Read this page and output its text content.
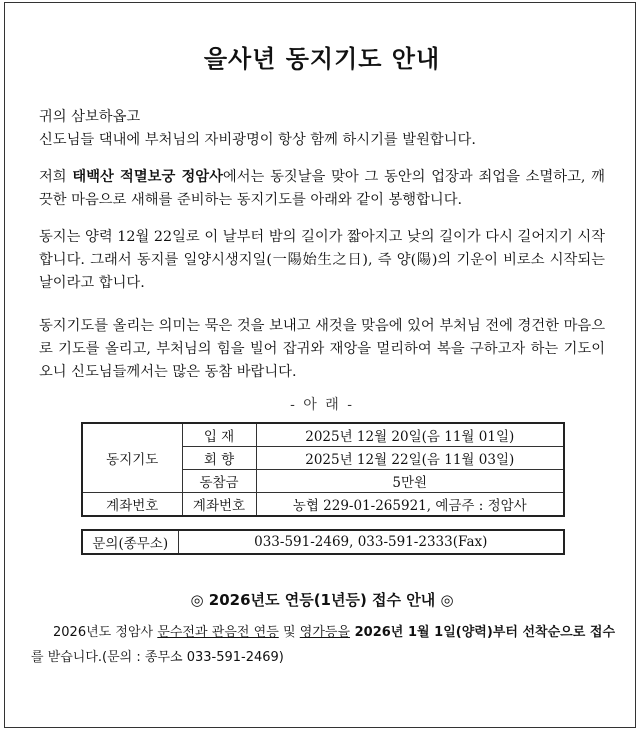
을사년 동지기도 안내

귀의 삼보하옵고
신도님들 댁내에 부처님의 자비광명이 항상 함께 하시기를 발원합니다.

저희 태백산 적멸보궁 정암사에서는 동짓날을 맞아 그 동안의 업장과 죄업을 소멸하고, 깨끗한 마음으로 새해를 준비하는 동지기도를 아래와 같이 봉행합니다.

동지는 양력 12월 22일로 이 날부터 밤의 길이가 짧아지고 낮의 길이가 다시 길어지기 시작합니다. 그래서 동지를 일양시생지일(一陽始生之日), 즉 양(陽)의 기운이 비로소 시작되는 날이라고 합니다.

동지기도를 올리는 의미는 묵은 것을 보내고 새것을 맞음에 있어 부처님 전에 경건한 마음으로 기도를 올리고, 부처님의 힘을 빌어 잡귀와 재앙을 멀리하여 복을 구하고자 하는 기도이오니 신도님들께서는 많은 동참 바랍니다.

- 아 래 -
동지기도	입 재	2025년 12월 20일(음 11월 01일)
	회 향	2025년 12월 22일(음 11월 03일)
	동참금	5만원
계좌번호	계좌번호	농협 229-01-265921, 예금주 : 정암사
문의(종무소)	033-591-2469, 033-591-2333(Fax)
◎ 2026년도 연등(1년등) 접수 안내 ◎

2026년도 정암사 문수전과 관음전 연등 및 영가등을 2026년 1월 1일(양력)부터 선착순으로 접수를 받습니다.(문의 : 종무소 033-591-2469)
